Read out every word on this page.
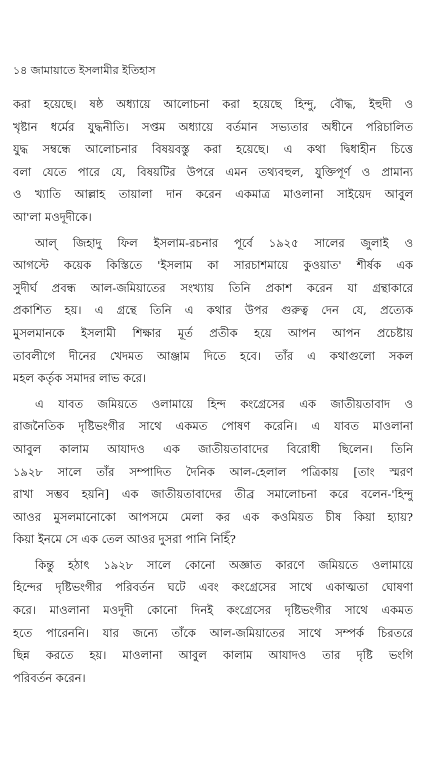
১৪ জামায়াতে ইসলামীর ইতিহাস
করা হয়েছে। ষষ্ঠ অধ্যায়ে আলোচনা করা হয়েছে হিন্দু, বৌদ্ধ, ইহুদী ও
খৃষ্টান ধর্মের যুদ্ধনীতি। সপ্তম অধ্যায়ে বর্তমান সভ্যতার অধীনে পরিচালিত
যুদ্ধ সম্বন্ধে আলোচনার বিষয়বস্তু করা হয়েছে। এ কথা দ্বিধাহীন চিত্তে
বলা যেতে পারে যে, বিষয়টির উপরে এমন তথ্যবহুল, যুক্তিপূর্ণ ও প্রামান্য
ও খ্যাতি আল্লাহ তায়ালা দান করেন একমাত্র মাওলানা সাইয়েদ আবুল
আ'লা মওদূদীকে।
আল্ জিহাদু ফিল ইসলাম-রচনার পূর্বে ১৯২৫ সালের জুলাই ও
আগস্টে কয়েক কিস্তিতে 'ইসলাম কা সারচাশমায়ে কুওয়াত' শীর্ষক এক
সুদীর্ঘ প্রবন্ধ আল-জমিয়াতের সংখ্যায় তিনি প্রকাশ করেন যা গ্রন্থাকারে
প্রকাশিত হয়। এ গ্রন্থে তিনি এ কথার উপর গুরুত্ব দেন যে, প্রত্যেক
মুসলমানকে ইসলামী শিক্ষার মূর্ত প্রতীক হয়ে আপন আপন প্রচেষ্টায়
তাবলীগে দীনের খেদমত আঞ্জাম দিতে হবে। তাঁর এ কথাগুলো সকল
মহল কর্তৃক সমাদর লাভ করে।
এ যাবত জমিয়তে ওলামায়ে হিন্দ কংগ্রেসের এক জাতীয়তাবাদ ও
রাজনৈতিক দৃষ্টিভংগীর সাথে একমত পোষণ করেনি। এ যাবত মাওলানা
আবুল কালাম আযাদও এক জাতীয়তাবাদের বিরোধী ছিলেন। তিনি
১৯২৮ সালে তাঁর সম্পাদিত দৈনিক আল-হেলাল পত্রিকায় [তাং স্মরণ
রাখা সম্ভব হয়নি] এক জাতীয়তাবাদের তীব্র সমালোচনা করে বলেন-'হিন্দু
আওর মুসলমানোকো আপসমে মেলা কর এক কওমিয়ত চীষ কিয়া হ্যায়?
কিয়া ইনমে সে এক তেল আওর দুসরা পানি নিহিঁ?
কিন্তু হঠাৎ ১৯২৮ সালে কোনো অজ্ঞাত কারণে জমিয়তে ওলামায়ে
হিন্দের দৃষ্টিভংগীর পরিবর্তন ঘটে এবং কংগ্রেসের সাথে একাত্মতা ঘোষণা
করে। মাওলানা মওদূদী কোনো দিনই কংগ্রেসের দৃষ্টিভংগীর সাথে একমত
হতে পারেননি। যার জন্যে তাঁকে আল-জমিয়াতের সাথে সম্পর্ক চিরতরে
ছিন্ন করতে হয়। মাওলানা আবুল কালাম আযাদও তার দৃষ্টি ভংগি
পরিবর্তন করেন।
